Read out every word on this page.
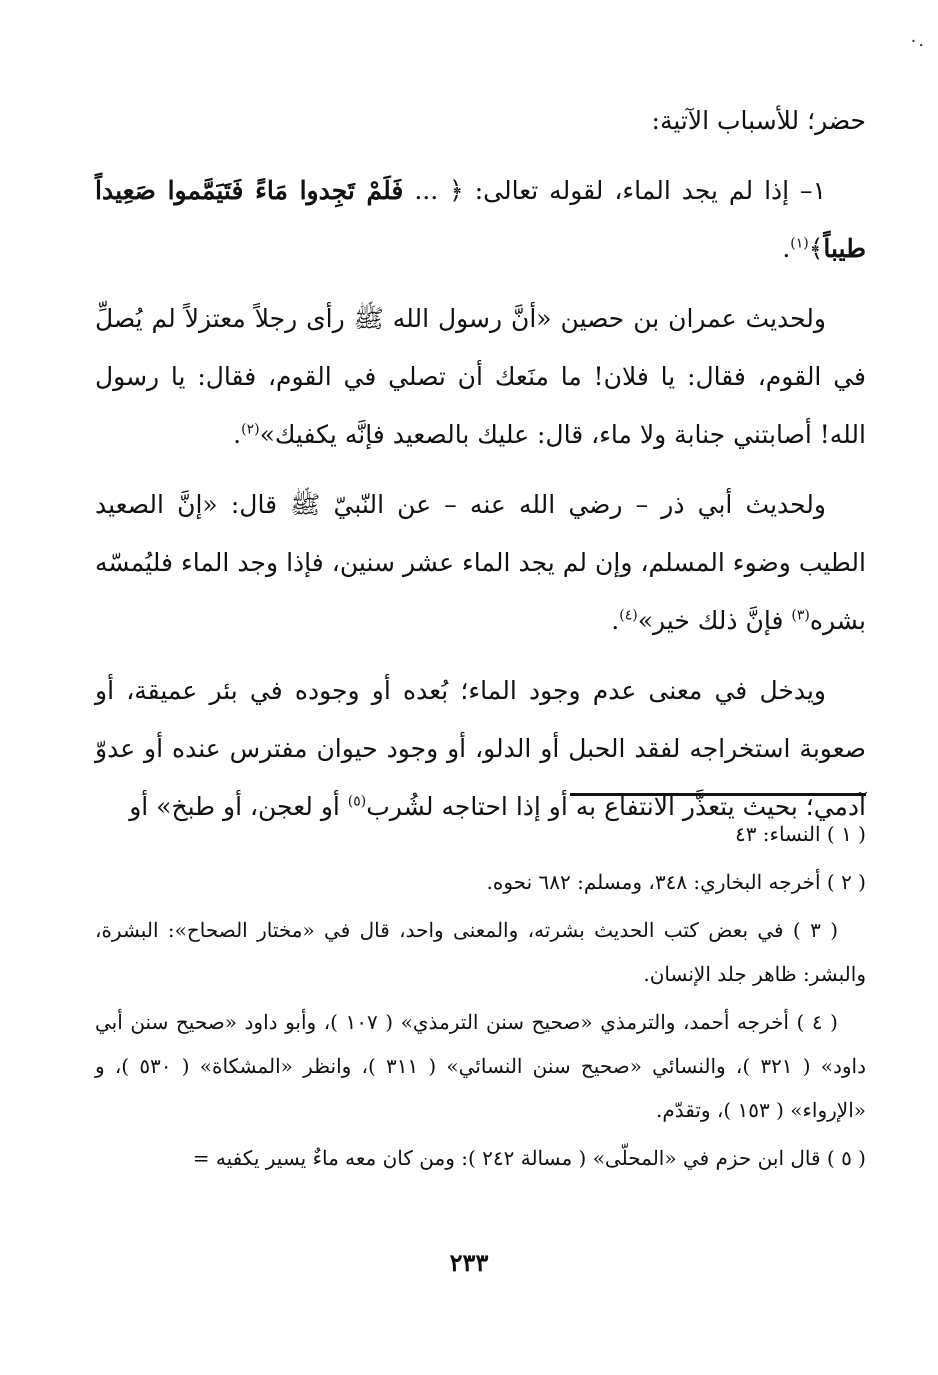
٠.

حضر؛ للأسباب الآتية:

١– إذا لم يجد الماء، لقوله تعالى: ﴿ ... فَلَمْ تَجِدوا مَاءً فَتَيَمَّموا صَعِيداً طيباً﴾$^{(١)}$.

ولحديث عمران بن حصين «أنَّ رسول الله ﷺ رأى رجلاً معتزلاً لم يُصلِّ في القوم، فقال: يا فلان! ما منَعك أن تصلي في القوم، فقال: يا رسول الله! أصابتني جنابة ولا ماء، قال: عليك بالصعيد فإنَّه يكفيك»$^{(٢)}$.

ولحديث أبي ذر – رضي الله عنه – عن النّبيّ ﷺ قال: «إنَّ الصعيد الطيب وضوء المسلم، وإن لم يجد الماء عشر سنين، فإذا وجد الماء فليُمسّه بشره$^{(٣)}$ فإنَّ ذلك خير»$^{(٤)}$.

ويدخل في معنى عدم وجود الماء؛ بُعده أو وجوده في بئر عميقة، أو صعوبة استخراجه لفقد الحبل أو الدلو، أو وجود حيوان مفترس عنده أو عدوّ آدمي؛ بحيث يتعذَّر الانتفاع به أو إذا احتاجه لشُرب$^{(٥)}$ أو لعجن، أو طبخ» أو

( ١ ) النساء: ٤٣

( ٢ ) أخرجه البخاري: ٣٤٨، ومسلم: ٦٨٢ نحوه.

( ٣ ) في بعض كتب الحديث بشرته، والمعنى واحد، قال في «مختار الصحاح»: البشرة، والبشر: ظاهر جلد الإنسان.

( ٤ ) أخرجه أحمد، والترمذي «صحيح سنن الترمذي» ( ١٠٧ )، وأبو داود «صحيح سنن أبي داود» ( ٣٢١ )، والنسائي «صحيح سنن النسائي» ( ٣١١ )، وانظر «المشكاة» ( ٥٣٠ )، و «الإرواء» ( ١٥٣ )، وتقدّم.

( ٥ ) قال ابن حزم في «المحلّى» ( مسالة ٢٤٢ ): ومن كان معه ماءٌ يسير يكفيه =

٢٣٣
